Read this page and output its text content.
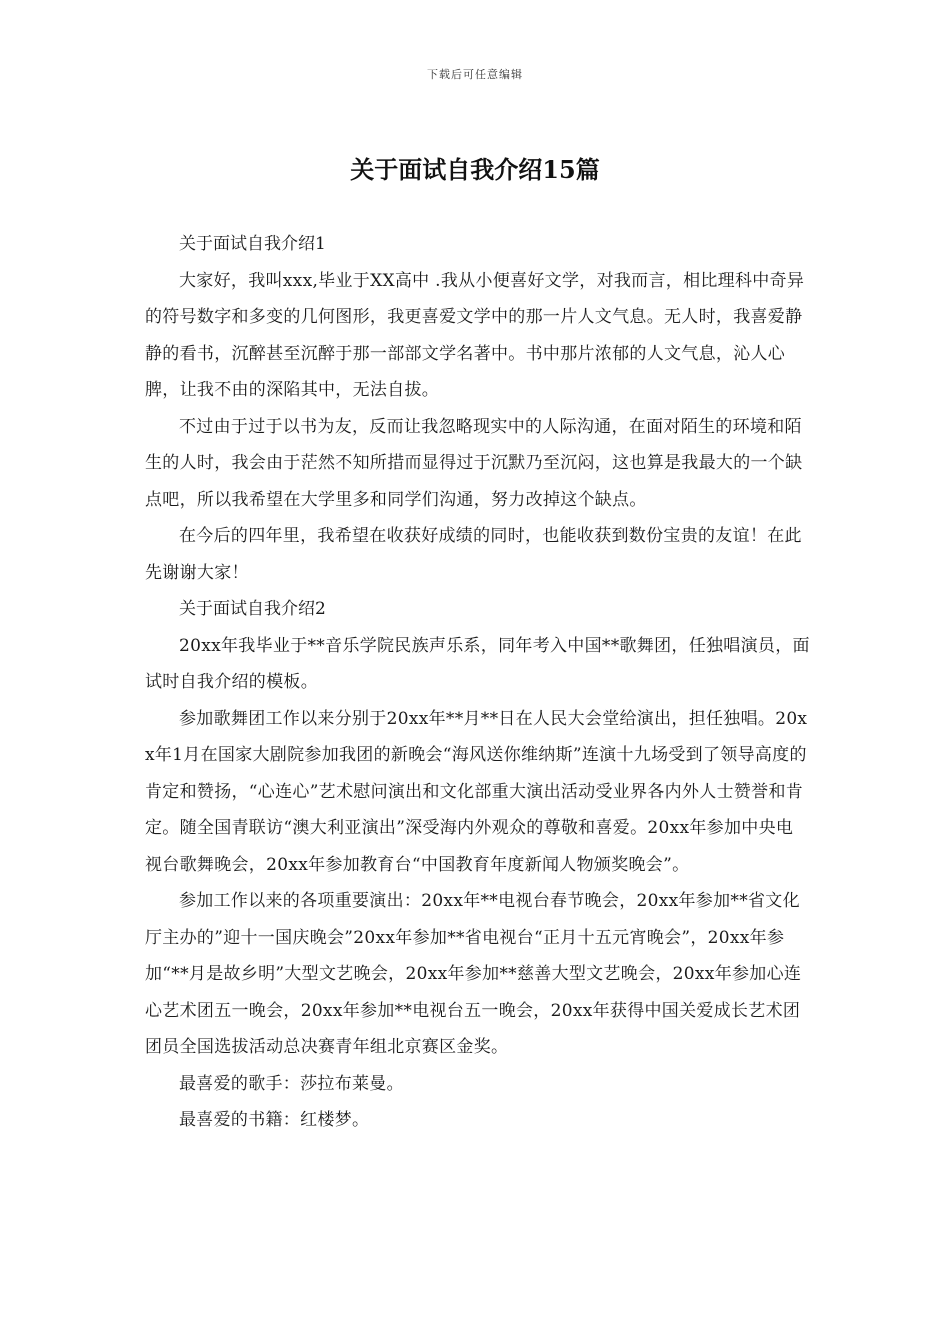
下载后可任意编辑
关于面试自我介绍15篇

关于面试自我介绍1

大家好，我叫xxx,毕业于XX高中 .我从小便喜好文学，对我而言，相比理科中奇异的符号数字和多变的几何图形，我更喜爱文学中的那一片人文气息。无人时，我喜爱静静的看书，沉醉甚至沉醉于那一部部文学名著中。书中那片浓郁的人文气息，沁人心脾，让我不由的深陷其中，无法自拔。

不过由于过于以书为友，反而让我忽略现实中的人际沟通，在面对陌生的环境和陌生的人时，我会由于茫然不知所措而显得过于沉默乃至沉闷，这也算是我最大的一个缺点吧，所以我希望在大学里多和同学们沟通，努力改掉这个缺点。

在今后的四年里，我希望在收获好成绩的同时，也能收获到数份宝贵的友谊！在此先谢谢大家！

关于面试自我介绍2

20xx年我毕业于**音乐学院民族声乐系，同年考入中国**歌舞团，任独唱演员，面试时自我介绍的模板。

参加歌舞团工作以来分别于20xx年**月**日在人民大会堂给演出，担任独唱。20xx年1月在国家大剧院参加我团的新晚会“海风送你维纳斯”连演十九场受到了领导高度的肯定和赞扬，“心连心”艺术慰问演出和文化部重大演出活动受业界各内外人士赞誉和肯定。随全国青联访“澳大利亚演出”深受海内外观众的尊敬和喜爱。20xx年参加中央电视台歌舞晚会，20xx年参加教育台“中国教育年度新闻人物颁奖晚会”。

参加工作以来的各项重要演出：20xx年**电视台春节晚会，20xx年参加**省文化厅主办的”迎十一国庆晚会”20xx年参加**省电视台“正月十五元宵晚会”，20xx年参加“**月是故乡明”大型文艺晚会，20xx年参加**慈善大型文艺晚会，20xx年参加心连心艺术团五一晚会，20xx年参加**电视台五一晚会，20xx年获得中国关爱成长艺术团团员全国选拔活动总决赛青年组北京赛区金奖。

最喜爱的歌手：莎拉布莱曼。

最喜爱的书籍：红楼梦。
